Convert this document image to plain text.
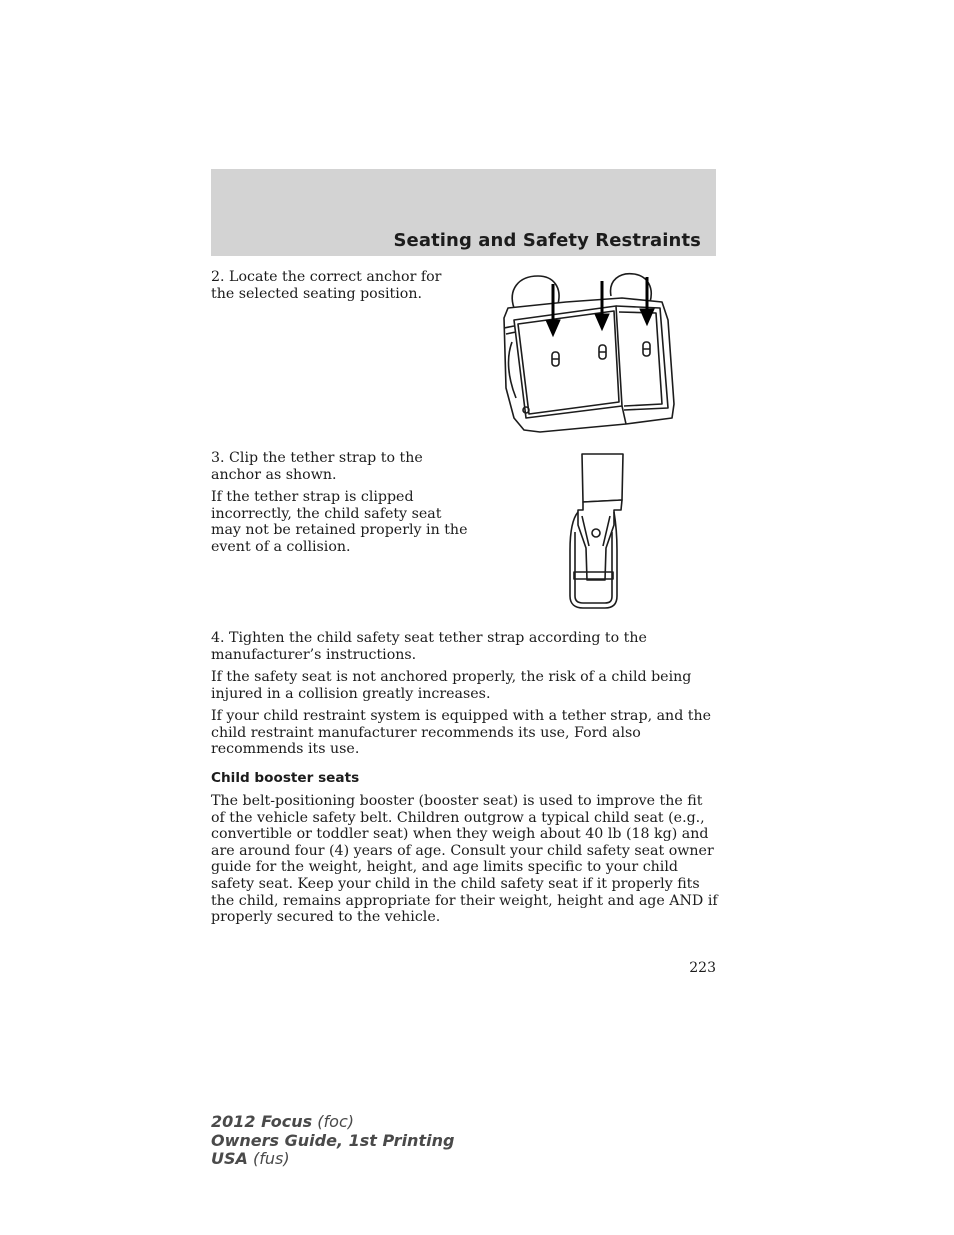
Seating and Safety Restraints

2. Locate the correct anchor for the selected seating position.

3. Clip the tether strap to the anchor as shown.

If the tether strap is clipped incorrectly, the child safety seat may not be retained properly in the event of a collision.

4. Tighten the child safety seat tether strap according to the manufacturer’s instructions.

If the safety seat is not anchored properly, the risk of a child being injured in a collision greatly increases.

If your child restraint system is equipped with a tether strap, and the child restraint manufacturer recommends its use, Ford also recommends its use.

Child booster seats

The belt-positioning booster (booster seat) is used to improve the fit of the vehicle safety belt. Children outgrow a typical child seat (e.g., convertible or toddler seat) when they weigh about 40 lb (18 kg) and are around four (4) years of age. Consult your child safety seat owner guide for the weight, height, and age limits specific to your child safety seat. Keep your child in the child safety seat if it properly fits the child, remains appropriate for their weight, height and age AND if properly secured to the vehicle.

223
2012 Focus (foc)
Owners Guide, 1st Printing
USA (fus)
